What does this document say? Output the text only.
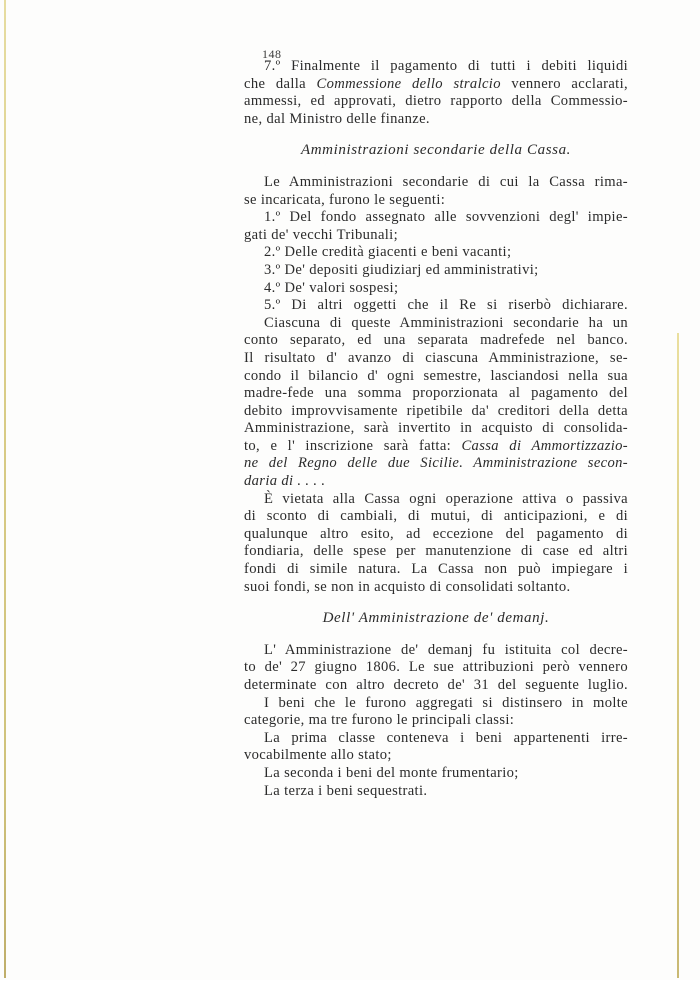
148
7.º Finalmente il pagamento di tutti i debiti liquidi
che dalla Commessione dello stralcio vennero acclarati,
ammessi, ed approvati, dietro rapporto della Commessio-
ne, dal Ministro delle finanze.
Amministrazioni secondarie della Cassa.
Le Amministrazioni secondarie di cui la Cassa rima-
se incaricata, furono le seguenti:
1.º Del fondo assegnato alle sovvenzioni degl' impie-
gati de' vecchi Tribunali;
2.º Delle credità giacenti e beni vacanti;
3.º De' depositi giudiziarj ed amministrativi;
4.º De' valori sospesi;
5.º Di altri oggetti che il Re si riserbò dichiarare.
Ciascuna di queste Amministrazioni secondarie ha un
conto separato, ed una separata madrefede nel banco.
Il risultato d' avanzo di ciascuna Amministrazione, se-
condo il bilancio d' ogni semestre, lasciandosi nella sua
madre-fede una somma proporzionata al pagamento del
debito improvvisamente ripetibile da' creditori della detta
Amministrazione, sarà invertito in acquisto di consolida-
to, e l' inscrizione sarà fatta: Cassa di Ammortizzazio-
ne del Regno delle due Sicilie. Amministrazione secon-
daria di . . . .
È vietata alla Cassa ogni operazione attiva o passiva
di sconto di cambiali, di mutui, di anticipazioni, e di
qualunque altro esito, ad eccezione del pagamento di
fondiaria, delle spese per manutenzione di case ed altri
fondi di simile natura. La Cassa non può impiegare i
suoi fondi, se non in acquisto di consolidati soltanto.
Dell' Amministrazione de' demanj.
L' Amministrazione de' demanj fu istituita col decre-
to de' 27 giugno 1806. Le sue attribuzioni però vennero
determinate con altro decreto de' 31 del seguente luglio.
I beni che le furono aggregati si distinsero in molte
categorie, ma tre furono le principali classi:
La prima classe conteneva i beni appartenenti irre-
vocabilmente allo stato;
La seconda i beni del monte frumentario;
La terza i beni sequestrati.
